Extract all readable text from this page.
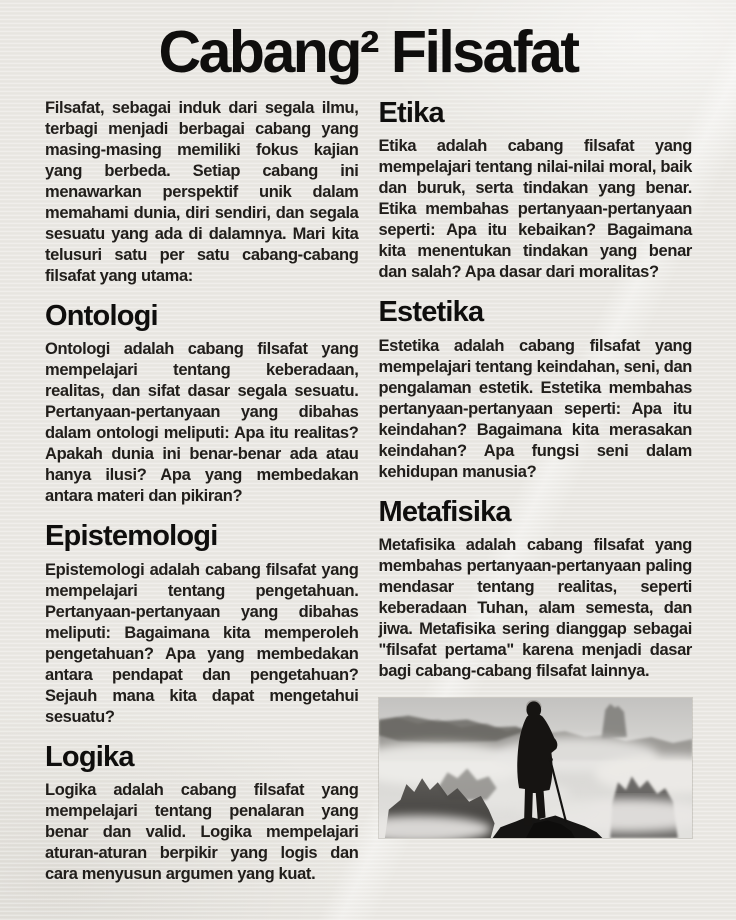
Cabang² Filsafat

Filsafat, sebagai induk dari segala ilmu, terbagi menjadi berbagai cabang yang masing-masing memiliki fokus kajian yang berbeda. Setiap cabang ini menawarkan perspektif unik dalam memahami dunia, diri sendiri, dan segala sesuatu yang ada di dalamnya. Mari kita telusuri satu per satu cabang-cabang filsafat yang utama:

Ontologi

Ontologi adalah cabang filsafat yang mempelajari tentang keberadaan, realitas, dan sifat dasar segala sesuatu. Pertanyaan-pertanyaan yang dibahas dalam ontologi meliputi: Apa itu realitas? Apakah dunia ini benar-benar ada atau hanya ilusi? Apa yang membedakan antara materi dan pikiran?

Epistemologi

Epistemologi adalah cabang filsafat yang mempelajari tentang pengetahuan. Pertanyaan-pertanyaan yang dibahas meliputi: Bagaimana kita memperoleh pengetahuan? Apa yang membedakan antara pendapat dan pengetahuan? Sejauh mana kita dapat mengetahui sesuatu?

Logika

Logika adalah cabang filsafat yang mempelajari tentang penalaran yang benar dan valid. Logika mempelajari aturan-aturan berpikir yang logis dan cara menyusun argumen yang kuat.

Etika

Etika adalah cabang filsafat yang mempelajari tentang nilai-nilai moral, baik dan buruk, serta tindakan yang benar. Etika membahas pertanyaan-pertanyaan seperti: Apa itu kebaikan? Bagaimana kita menentukan tindakan yang benar dan salah? Apa dasar dari moralitas?

Estetika

Estetika adalah cabang filsafat yang mempelajari tentang keindahan, seni, dan pengalaman estetik. Estetika membahas pertanyaan-pertanyaan seperti: Apa itu keindahan? Bagaimana kita merasakan keindahan? Apa fungsi seni dalam kehidupan manusia?

Metafisika

Metafisika adalah cabang filsafat yang membahas pertanyaan-pertanyaan paling mendasar tentang realitas, seperti keberadaan Tuhan, alam semesta, dan jiwa. Metafisika sering dianggap sebagai "filsafat pertama" karena menjadi dasar bagi cabang-cabang filsafat lainnya.
